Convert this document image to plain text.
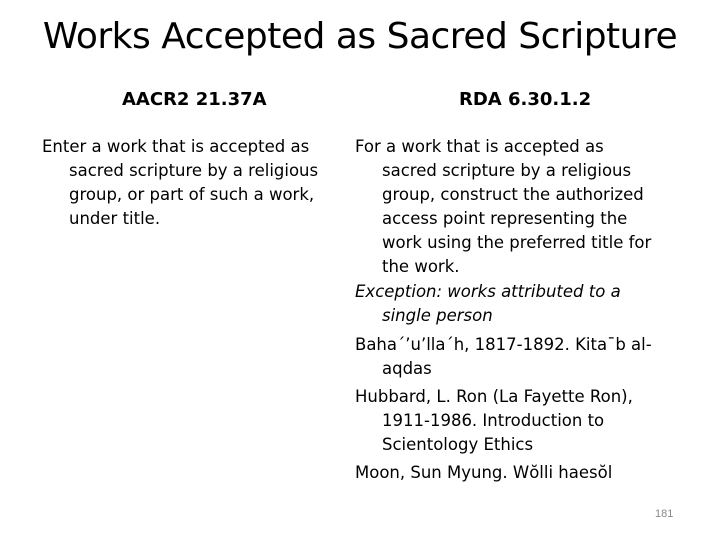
Works Accepted as Sacred Scripture
AACR2 21.37A	RDA 6.30.1.2
Enter a work that is accepted as
sacred scripture by a religious
group, or part of such a work,
under title.
For a work that is accepted as
sacred scripture by a religious
group, construct the authorized
access point representing the
work using the preferred title for
the work.
Exception: works attributed to a
single person
Baha´’u’lla´h, 1817-1892. Kita¯b al-
aqdas
Hubbard, L. Ron (La Fayette Ron),
1911-1986. Introduction to
Scientology Ethics
Moon, Sun Myung. Wŏlli haesŏl
181
